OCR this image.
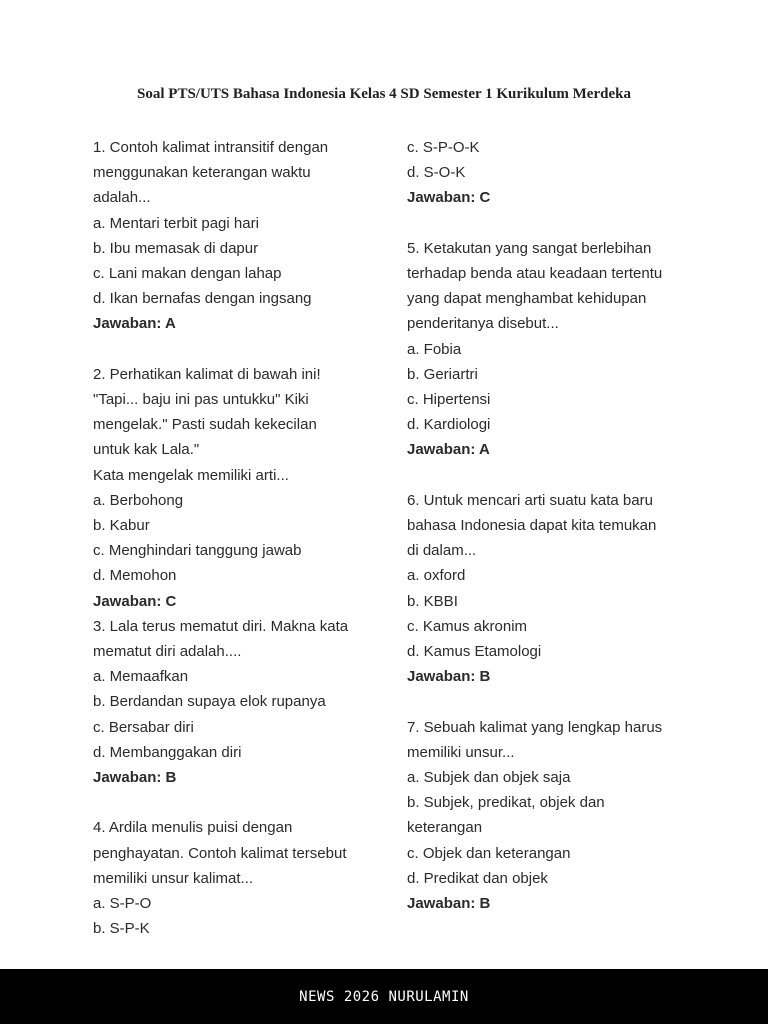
Soal PTS/UTS Bahasa Indonesia Kelas 4 SD Semester 1 Kurikulum Merdeka
1. Contoh kalimat intransitif dengan
menggunakan keterangan waktu
adalah...
a. Mentari terbit pagi hari
b. Ibu memasak di dapur
c. Lani makan dengan lahap
d. Ikan bernafas dengan ingsang
Jawaban: A
2. Perhatikan kalimat di bawah ini!
"Tapi... baju ini pas untukku" Kiki
mengelak." Pasti sudah kekecilan
untuk kak Lala."
Kata mengelak memiliki arti...
a. Berbohong
b. Kabur
c. Menghindari tanggung jawab
d. Memohon
Jawaban: C
3. Lala terus mematut diri. Makna kata
mematut diri adalah....
a. Memaafkan
b. Berdandan supaya elok rupanya
c. Bersabar diri
d. Membanggakan diri
Jawaban: B
4. Ardila menulis puisi dengan
penghayatan. Contoh kalimat tersebut
memiliki unsur kalimat...
a. S-P-O
b. S-P-K
c. S-P-O-K
d. S-O-K
Jawaban: C
5. Ketakutan yang sangat berlebihan
terhadap benda atau keadaan tertentu
yang dapat menghambat kehidupan
penderitanya disebut...
a. Fobia
b. Geriartri
c. Hipertensi
d. Kardiologi
Jawaban: A
6. Untuk mencari arti suatu kata baru
bahasa Indonesia dapat kita temukan
di dalam...
a. oxford
b. KBBI
c. Kamus akronim
d. Kamus Etamologi
Jawaban: B
7. Sebuah kalimat yang lengkap harus
memiliki unsur...
a. Subjek dan objek saja
b. Subjek, predikat, objek dan
keterangan
c. Objek dan keterangan
d. Predikat dan objek
Jawaban: B
NEWS 2026 NURULAMIN
